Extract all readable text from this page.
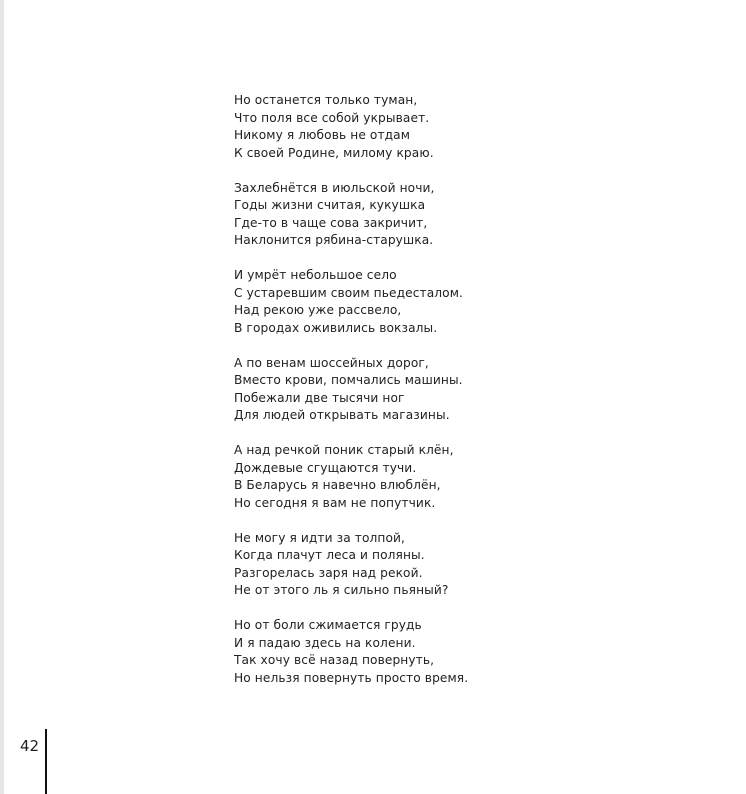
Но останется только туман,
Что поля все собой укрывает.
Никому я любовь не отдам
К своей Родине, милому краю.
Захлебнётся в июльской ночи,
Годы жизни считая, кукушка
Где-то в чаще сова закричит,
Наклонится рябина-старушка.
И умрёт небольшое село
С устаревшим своим пьедесталом.
Над рекою уже рассвело,
В городах оживились вокзалы.
А по венам шоссейных дорог,
Вместо крови, помчались машины.
Побежали две тысячи ног
Для людей открывать магазины.
А над речкой поник старый клён,
Дождевые сгущаются тучи.
В Беларусь я навечно влюблён,
Но сегодня я вам не попутчик.
Не могу я идти за толпой,
Когда плачут леса и поляны.
Разгорелась заря над рекой.
Не от этого ль я сильно пьяный?
Но от боли сжимается грудь
И я падаю здесь на колени.
Так хочу всё назад повернуть,
Но нельзя повернуть просто время.
42
